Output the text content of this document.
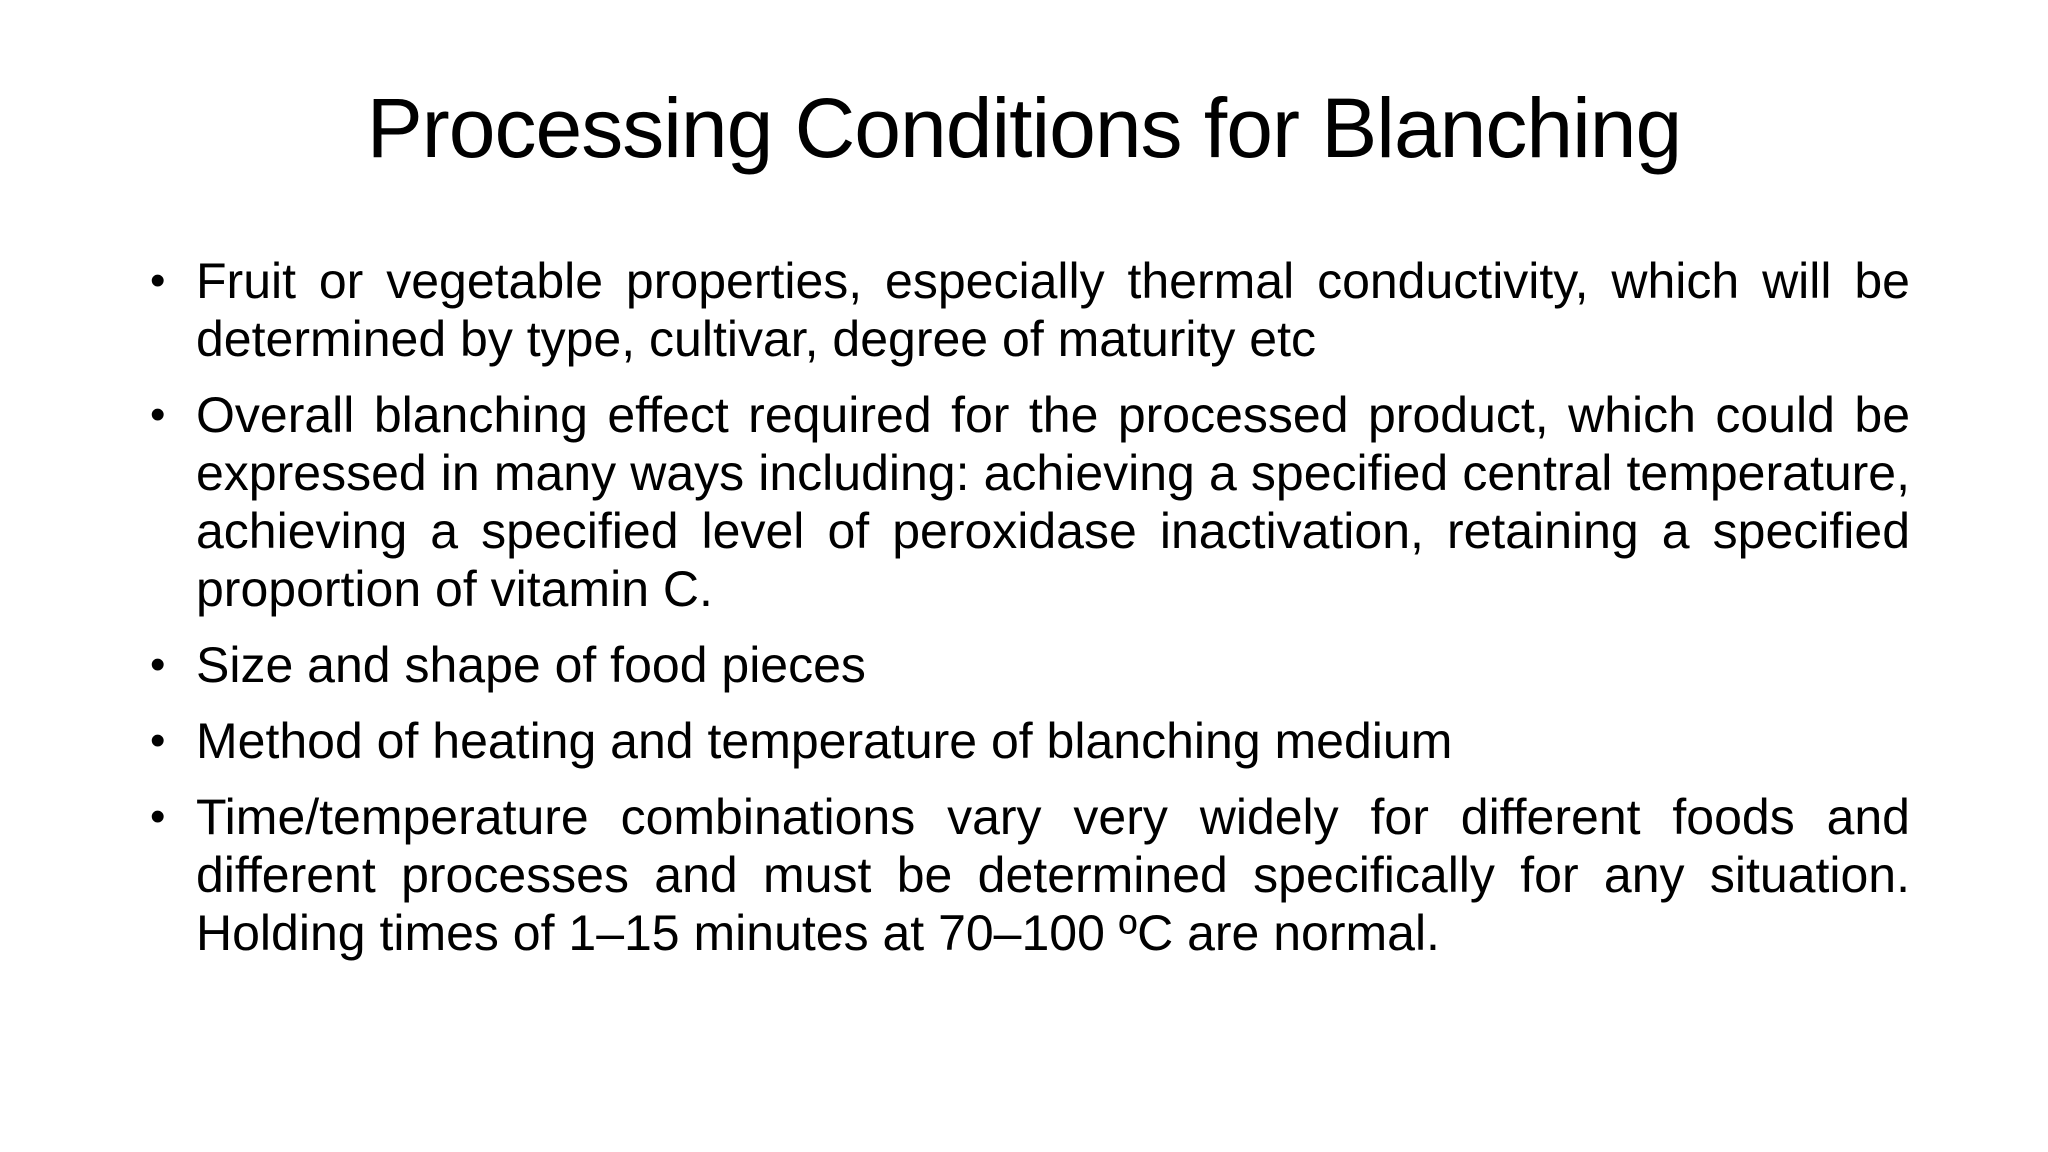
Processing Conditions for Blanching
• Fruit or vegetable properties, especially thermal conductivity, which will be determined by type, cultivar, degree of maturity etc
• Overall blanching effect required for the processed product, which could be expressed in many ways including: achieving a specified central temperature, achieving a specified level of peroxidase inactivation, retaining a specified proportion of vitamin C.
• Size and shape of food pieces
• Method of heating and temperature of blanching medium
• Time/temperature combinations vary very widely for different foods and different processes and must be determined specifically for any situation. Holding times of 1–15 minutes at 70–100 ºC are normal.
